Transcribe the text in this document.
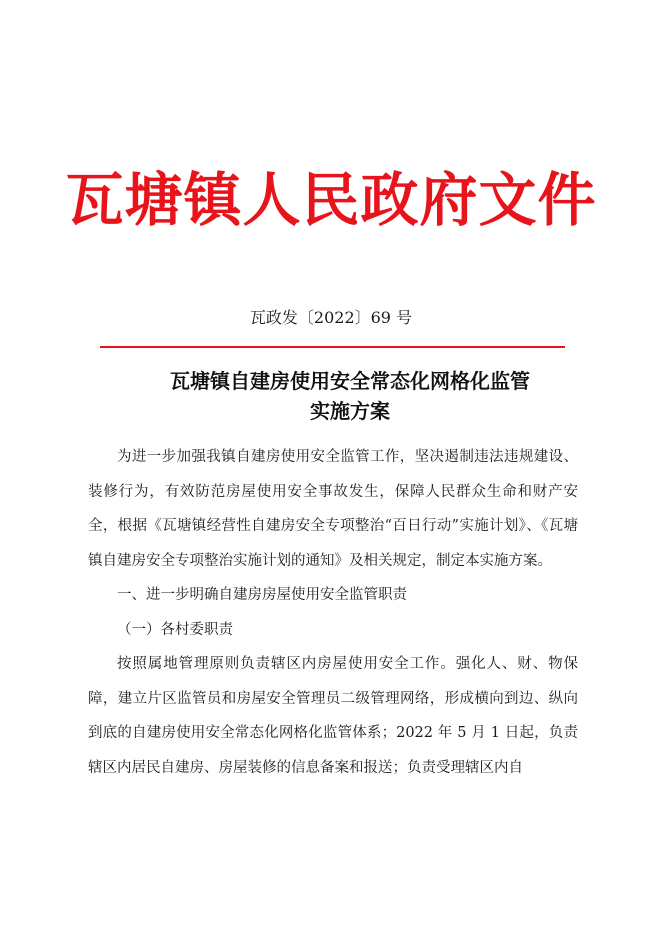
瓦塘镇人民政府文件
瓦政发〔2022〕69 号
瓦塘镇自建房使用安全常态化网格化监管
实施方案

为进一步加强我镇自建房使用安全监管工作，坚决遏制违法违规建设、装修行为，有效防范房屋使用安全事故发生，保障人民群众生命和财产安全，根据《瓦塘镇经营性自建房安全专项整治“百日行动”实施计划》、《瓦塘镇自建房安全专项整治实施计划的通知》及相关规定，制定本实施方案。

一、进一步明确自建房房屋使用安全监管职责

（一）各村委职责

按照属地管理原则负责辖区内房屋使用安全工作。强化人、财、物保障，建立片区监管员和房屋安全管理员二级管理网络，形成横向到边、纵向到底的自建房使用安全常态化网格化监管体系；2022 年 5 月 1 日起，负责辖区内居民自建房、房屋装修的信息备案和报送；负责受理辖区内自
